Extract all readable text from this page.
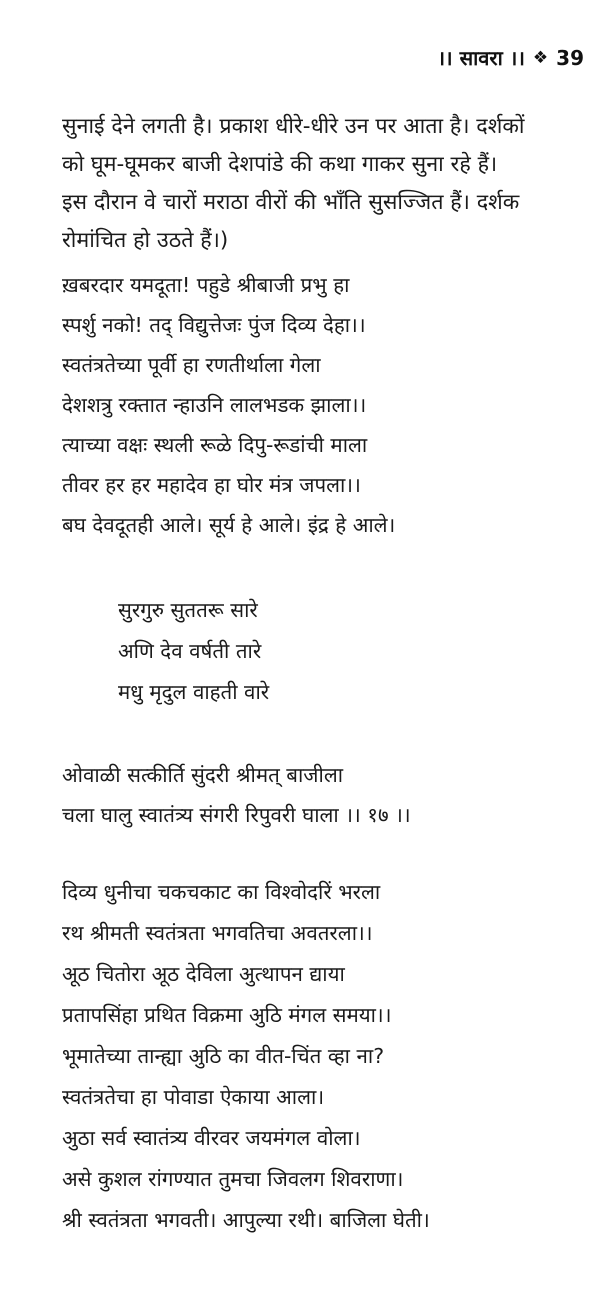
।। सावरा ।। ❖ 39
सुनाई देने लगती है। प्रकाश धीरे-धीरे उन पर आता है। दर्शकों
को घूम-घूमकर बाजी देशपांडे की कथा गाकर सुना रहे हैं।
इस दौरान वे चारों मराठा वीरों की भाँति सुसज्जित हैं। दर्शक
रोमांचित हो उठते हैं।)
ख़बरदार यमदूता! पहुडे श्रीबाजी प्रभु हा
स्पर्शु नको! तद् विद्युत्तेजः पुंज दिव्य देहा।।
स्वतंत्रतेच्या पूर्वी हा रणतीर्थाला गेला
देशशत्रु रक्तात न्हाउनि लालभडक झाला।।
त्याच्या वक्षः स्थली रूळे दिपु-रूडांची माला
तीवर हर हर महादेव हा घोर मंत्र जपला।।
बघ देवदूतही आले। सूर्य हे आले। इंद्र हे आले।
सुरगुरु सुततरू सारे
अणि देव वर्षती तारे
मधु मृदुल वाहती वारे
ओवाळी सत्कीर्ति सुंदरी श्रीमत् बाजीला
चला घालु स्वातंत्र्य संगरी रिपुवरी घाला ।। १७ ।।
दिव्य धुनीचा चकचकाट का विश्वोदरिं भरला
रथ श्रीमती स्वतंत्रता भगवतिचा अवतरला।।
अूठ चितोरा अूठ देविला अुत्थापन द्याया
प्रतापसिंहा प्रथित विक्रमा अुठि मंगल समया।।
भूमातेच्या तान्ह्या अुठि का वीत-चिंत व्हा ना?
स्वतंत्रतेचा हा पोवाडा ऐकाया आला।
अुठा सर्व स्वातंत्र्य वीरवर जयमंगल वोला।
असे कुशल रांगण्यात तुमचा जिवलग शिवराणा।
श्री स्वतंत्रता भगवती। आपुल्या रथी। बाजिला घेती।
